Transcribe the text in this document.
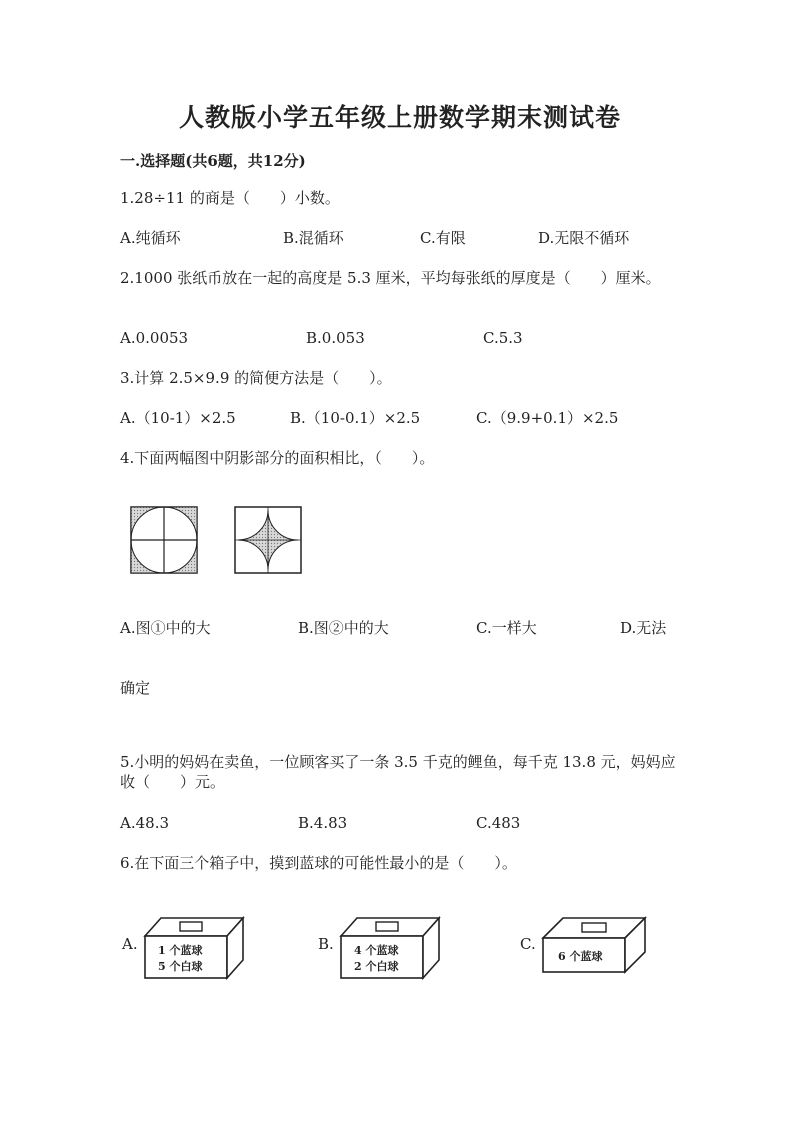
人教版小学五年级上册数学期末测试卷
一.选择题(共6题，共12分)
1.28÷11 的商是（　　）小数。
A.纯循环	B.混循环	C.有限	D.无限不循环
2.1000 张纸币放在一起的高度是 5.3 厘米，平均每张纸的厚度是（　　）厘米。
A.0.0053	B.0.053	C.5.3
3.计算 2.5×9.9 的简便方法是（　　）。
A.（10-1）×2.5	B.（10-0.1）×2.5	C.（9.9+0.1）×2.5
4.下面两幅图中阴影部分的面积相比，（　　）。
A.图①中的大	B.图②中的大	C.一样大	D.无法
确定
5.小明的妈妈在卖鱼，一位顾客买了一条 3.5 千克的鲤鱼，每千克 13.8 元，妈妈应收（　　）元。
A.48.3	B.4.83	C.483
6.在下面三个箱子中，摸到蓝球的可能性最小的是（　　）。
A. 1 个蓝球
5 个白球
B. 4 个蓝球
2 个白球
C.
6 个蓝球
